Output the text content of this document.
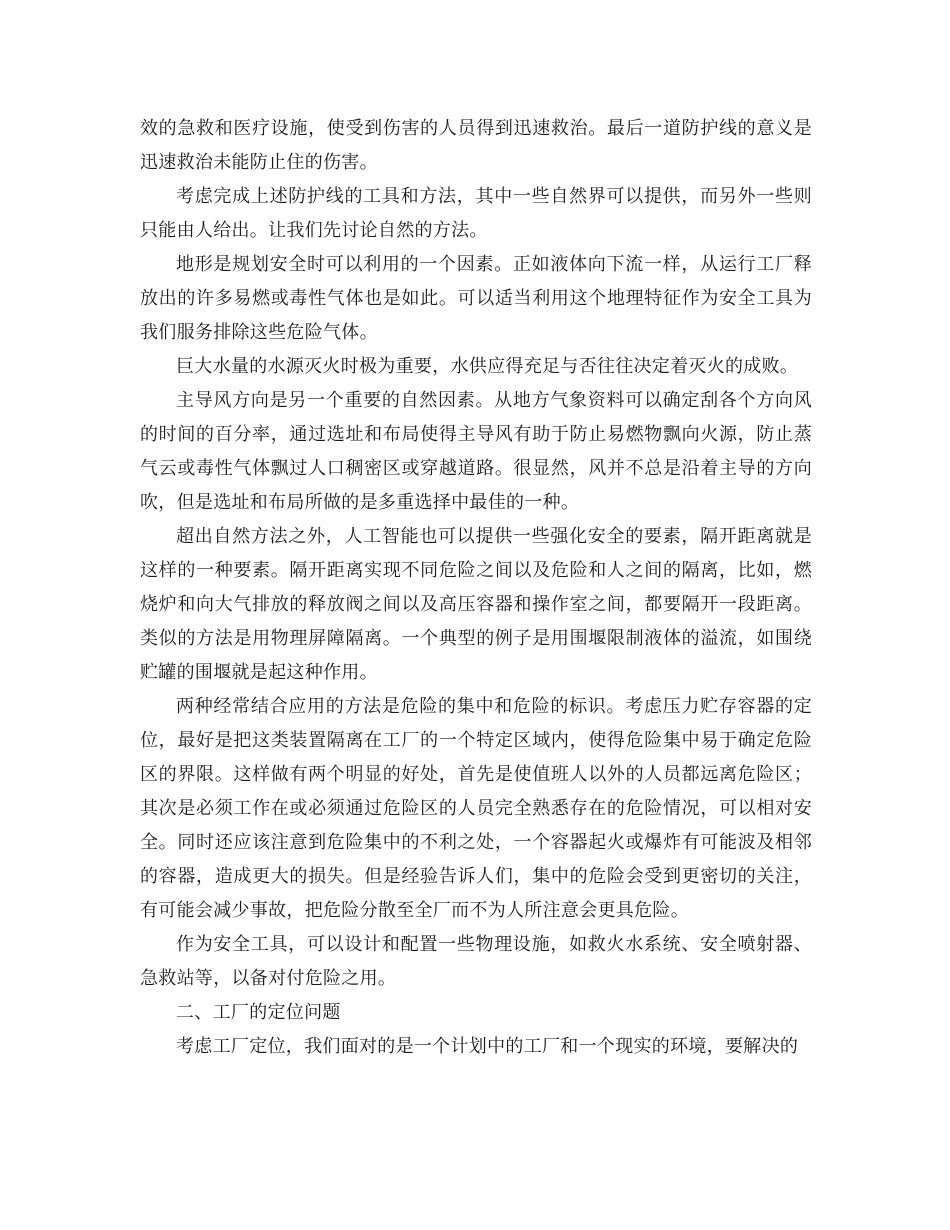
效的急救和医疗设施，使受到伤害的人员得到迅速救治。最后一道防护线的意义是迅速救治未能防止住的伤害。

考虑完成上述防护线的工具和方法，其中一些自然界可以提供，而另外一些则只能由人给出。让我们先讨论自然的方法。

地形是规划安全时可以利用的一个因素。正如液体向下流一样，从运行工厂释放出的许多易燃或毒性气体也是如此。可以适当利用这个地理特征作为安全工具为我们服务排除这些危险气体。

巨大水量的水源灭火时极为重要，水供应得充足与否往往决定着灭火的成败。

主导风方向是另一个重要的自然因素。从地方气象资料可以确定刮各个方向风的时间的百分率，通过选址和布局使得主导风有助于防止易燃物飘向火源，防止蒸气云或毒性气体飘过人口稠密区或穿越道路。很显然，风并不总是沿着主导的方向吹，但是选址和布局所做的是多重选择中最佳的一种。

超出自然方法之外，人工智能也可以提供一些强化安全的要素，隔开距离就是这样的一种要素。隔开距离实现不同危险之间以及危险和人之间的隔离，比如，燃烧炉和向大气排放的释放阀之间以及高压容器和操作室之间，都要隔开一段距离。类似的方法是用物理屏障隔离。一个典型的例子是用围堰限制液体的溢流，如围绕贮罐的围堰就是起这种作用。

两种经常结合应用的方法是危险的集中和危险的标识。考虑压力贮存容器的定位，最好是把这类装置隔离在工厂的一个特定区域内，使得危险集中易于确定危险区的界限。这样做有两个明显的好处，首先是使值班人以外的人员都远离危险区；其次是必须工作在或必须通过危险区的人员完全熟悉存在的危险情况，可以相对安全。同时还应该注意到危险集中的不利之处，一个容器起火或爆炸有可能波及相邻的容器，造成更大的损失。但是经验告诉人们，集中的危险会受到更密切的关注，有可能会减少事故，把危险分散至全厂而不为人所注意会更具危险。

作为安全工具，可以设计和配置一些物理设施，如救火水系统、安全喷射器、急救站等，以备对付危险之用。

二、工厂的定位问题

考虑工厂定位，我们面对的是一个计划中的工厂和一个现实的环境，要解决的
